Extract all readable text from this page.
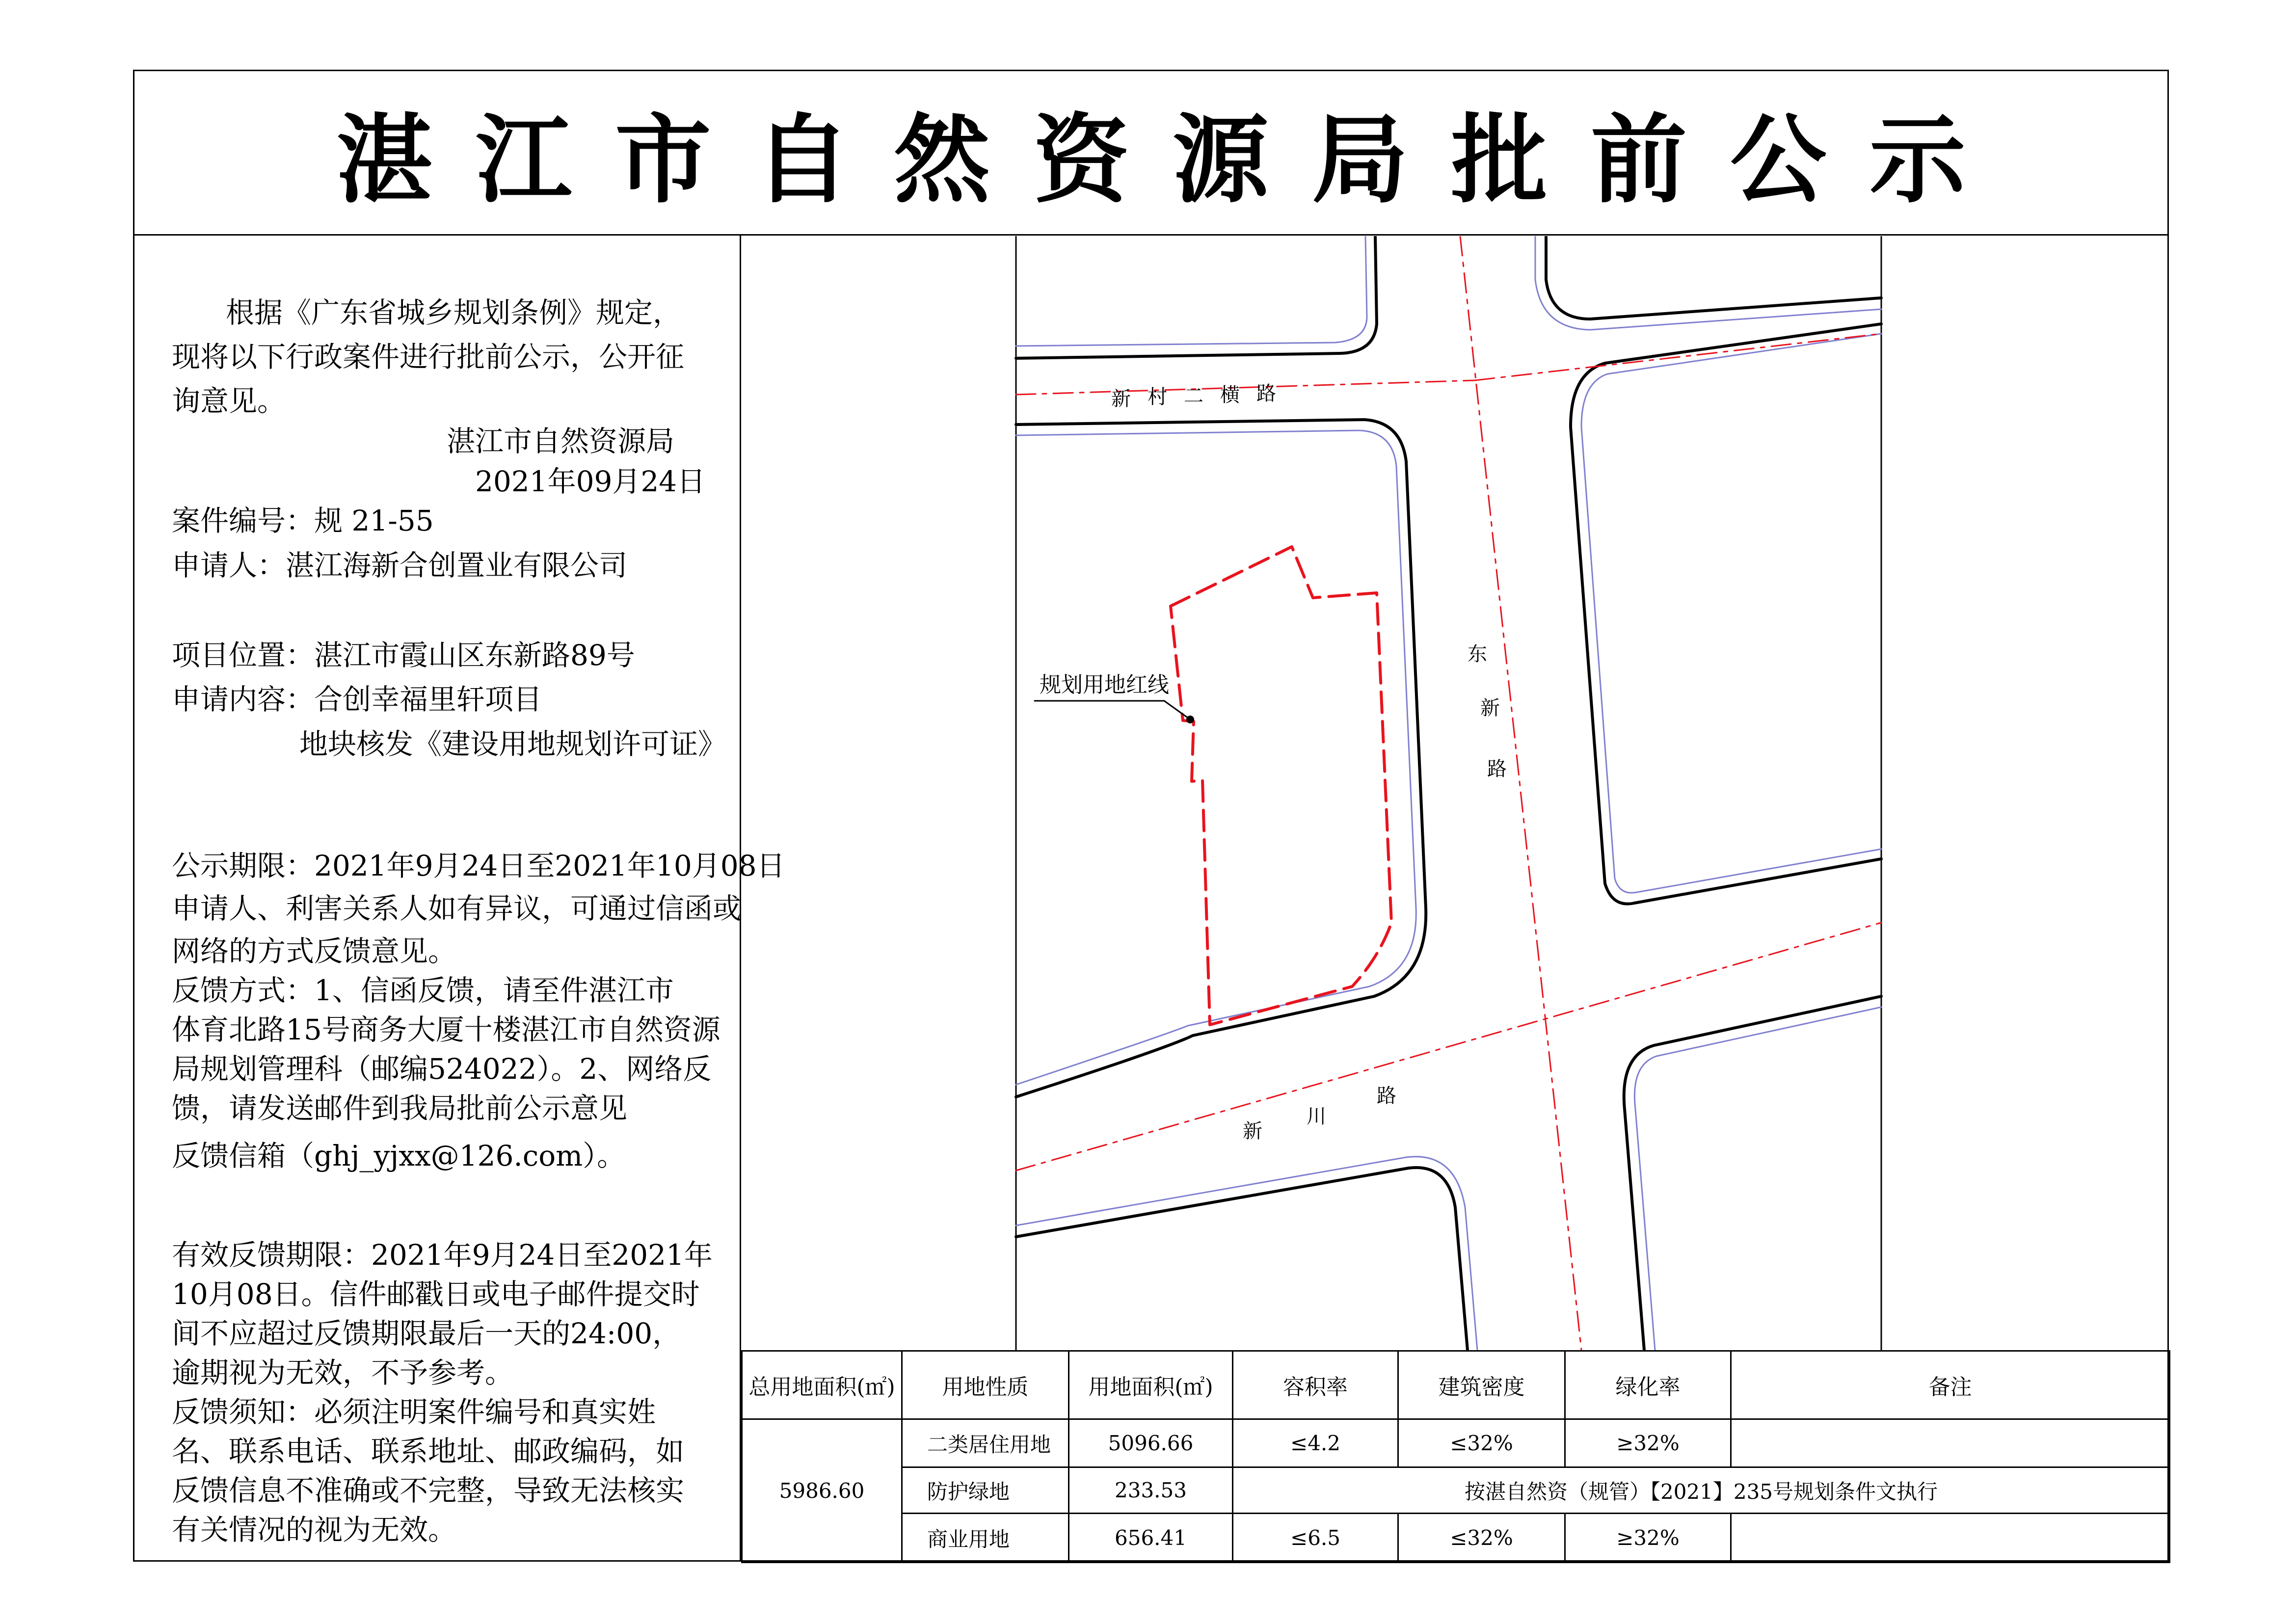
湛江市自然资源局批前公示
根据《广东省城乡规划条例》规定，
现将以下行政案件进行批前公示，公开征
询意见。
湛江市自然资源局
2021年09月24日
案件编号：规 21-55
申请人：湛江海新合创置业有限公司
项目位置：湛江市霞山区东新路89号
申请内容：合创幸福里轩项目
地块核发《建设用地规划许可证》
公示期限：2021年9月24日至2021年10月08日
申请人、利害关系人如有异议，可通过信函或
网络的方式反馈意见。
反馈方式：1、信函反馈，请至件湛江市
体育北路15号商务大厦十楼湛江市自然资源
局规划管理科（邮编524022）。2、网络反
馈，请发送邮件到我局批前公示意见
反馈信箱（ghj_yjxx@126.com）。
有效反馈期限：2021年9月24日至2021年
10月08日。信件邮戳日或电子邮件提交时
间不应超过反馈期限最后一天的24:00，
逾期视为无效，不予参考。
反馈须知：必须注明案件编号和真实姓
名、联系电话、联系地址、邮政编码，如
反馈信息不准确或不完整，导致无法核实
有关情况的视为无效。
新 村 二 横 路
东
新
路
新
川
路
规划用地红线
总用地面积(㎡)	用地性质	用地面积(㎡)	容积率	建筑密度	绿化率	备注
5986.60	二类居住用地	5096.66	≤4.2	≤32%	≥32%	
	防护绿地	233.53	按湛自然资（规管）【2021】235号规划条件文执行			
	商业用地	656.41	≤6.5	≤32%	≥32%	
